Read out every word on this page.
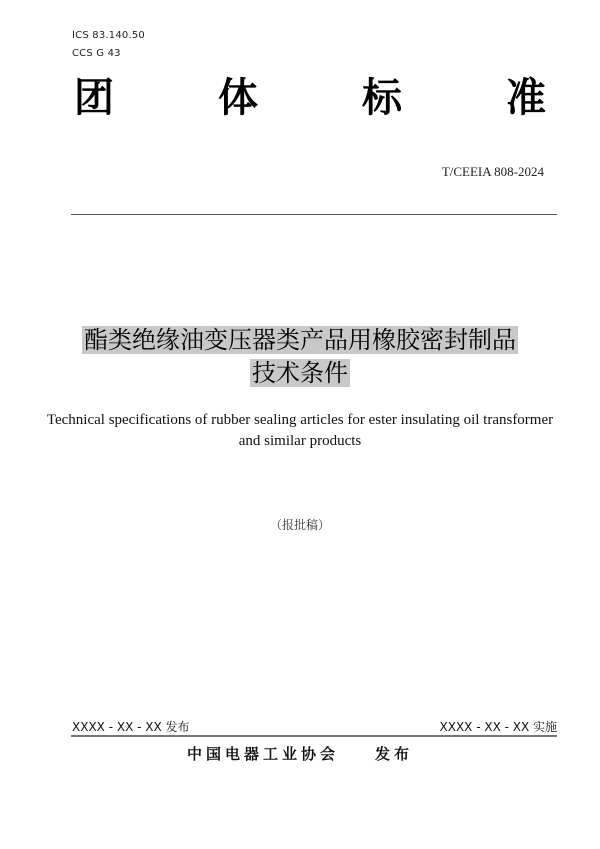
ICS 83.140.50
CCS G 43
团	体	标	准
T/CEEIA 808-2024
酯类绝缘油变压器类产品用橡胶密封制品
技术条件
Technical specifications of rubber sealing articles for ester insulating oil transformer
and similar products
（报批稿）
XXXX - XX - XX 发布	XXXX - XX - XX 实施
中国电器工业协会 发布
